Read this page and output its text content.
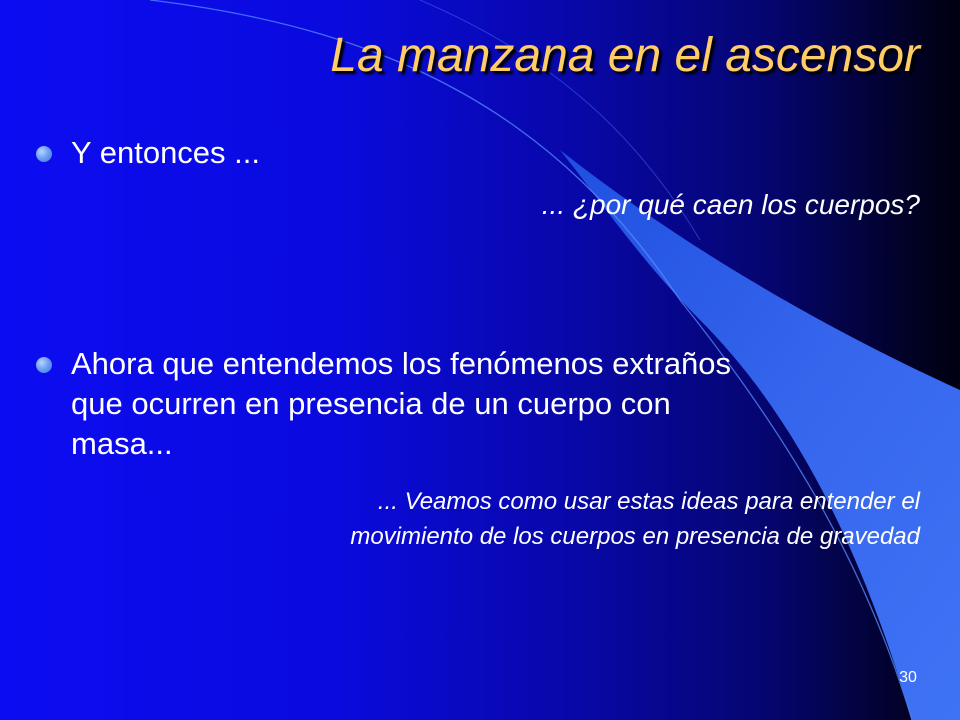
La manzana en el ascensor
Y entonces ...
... ¿por qué caen los cuerpos?
Ahora que entendemos los fenómenos extraños
que ocurren en presencia de un cuerpo con
masa...
... Veamos como usar estas ideas para entender el
movimiento de los cuerpos en presencia de gravedad
30
